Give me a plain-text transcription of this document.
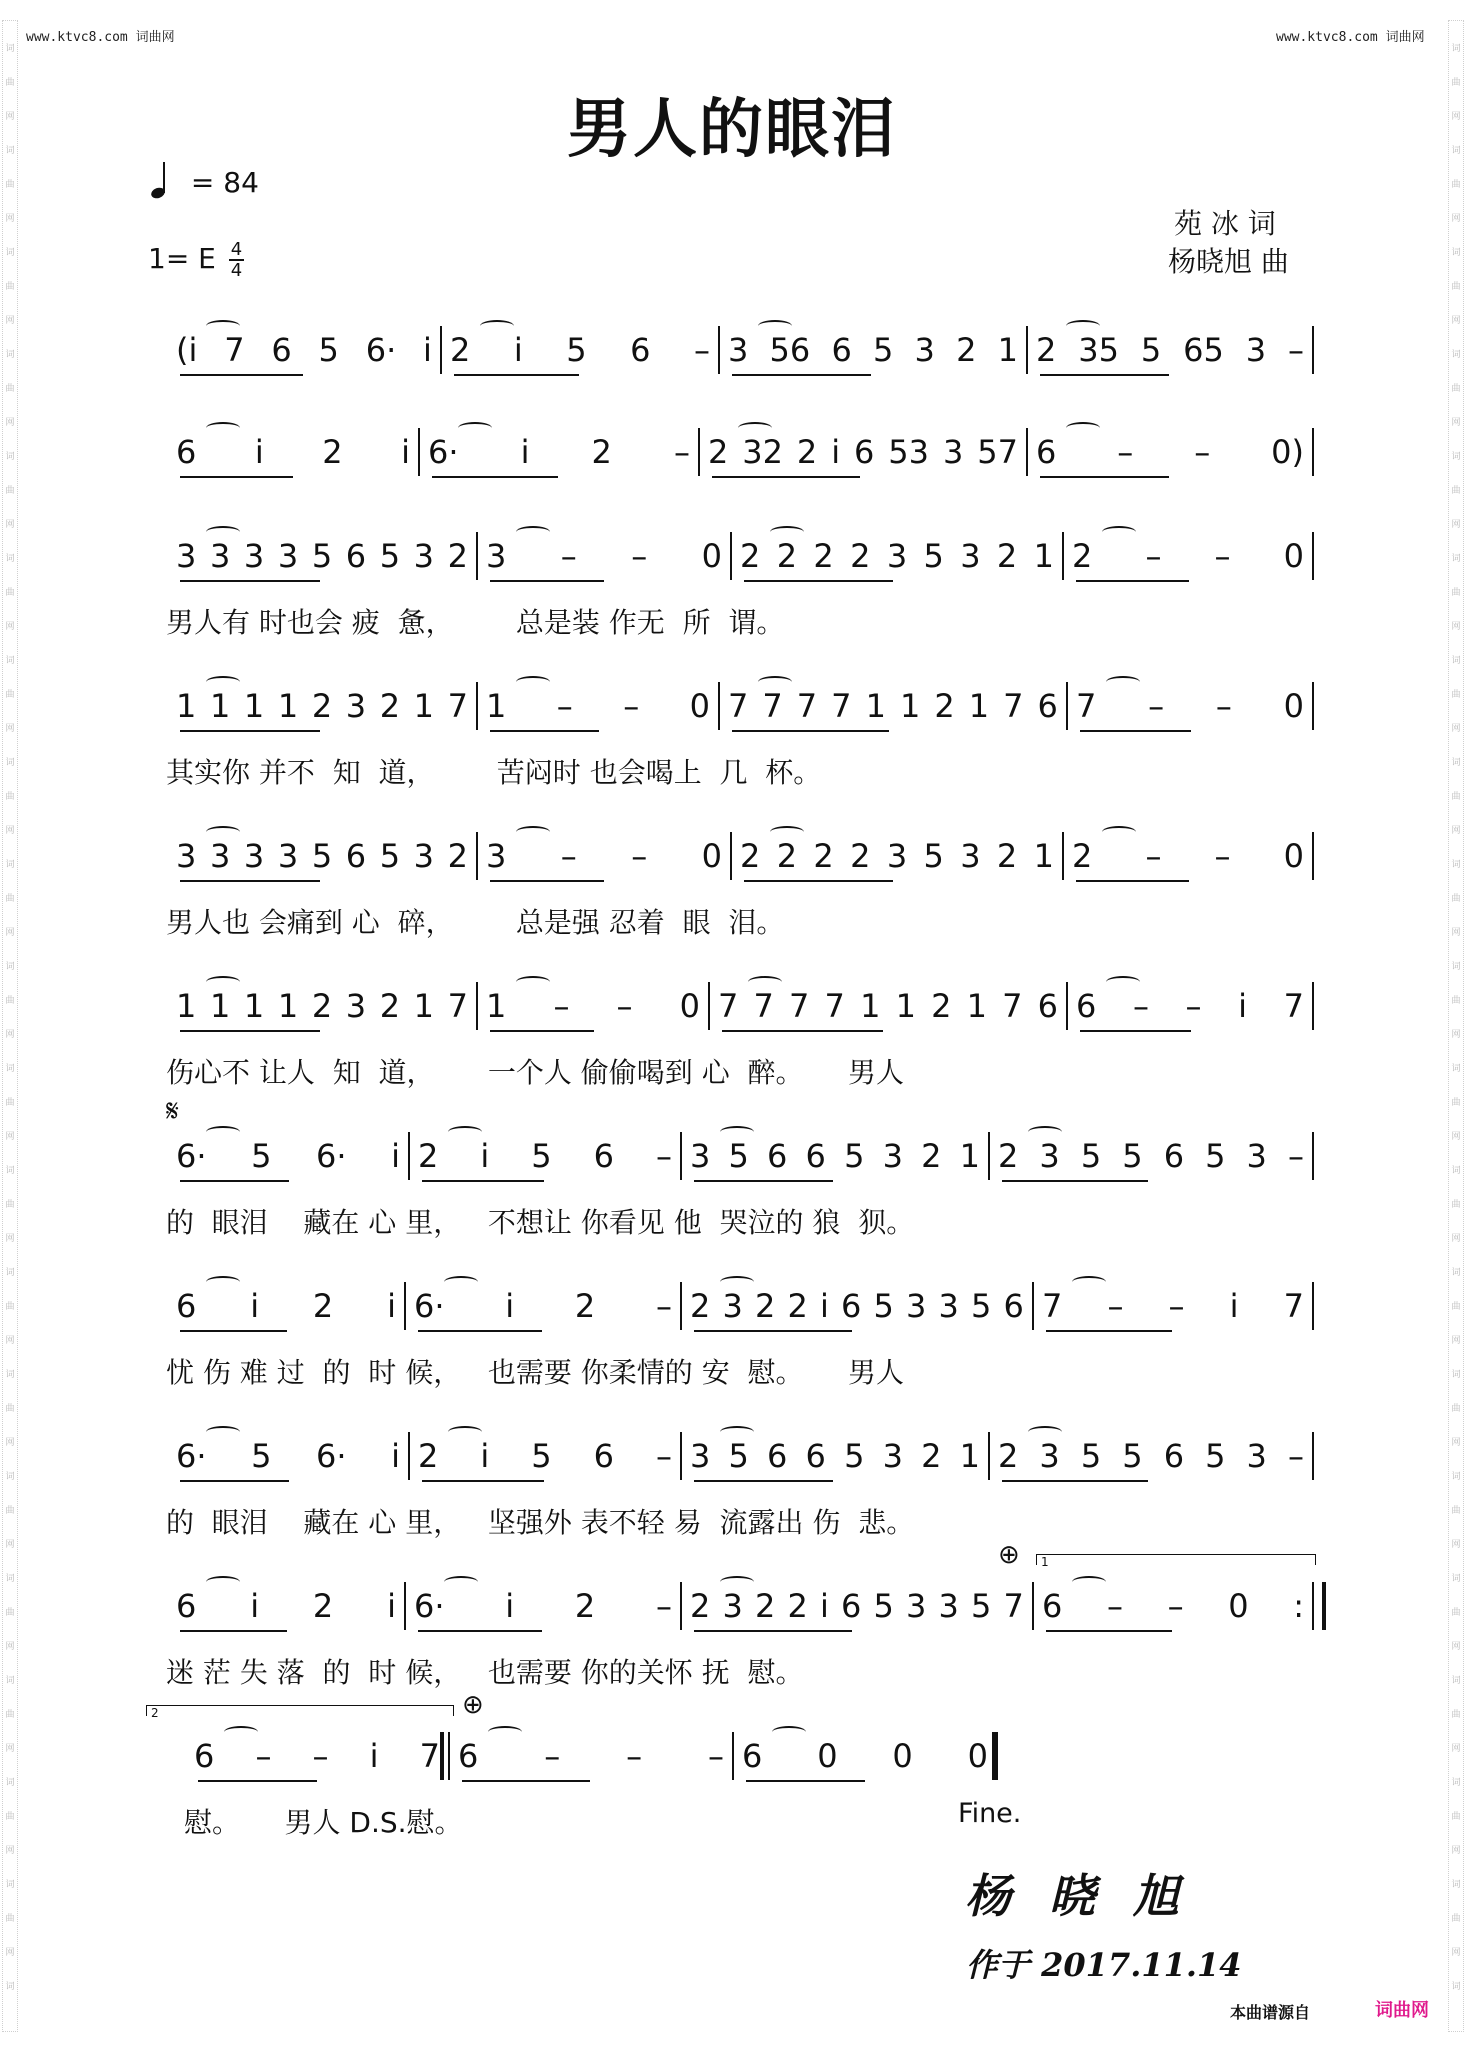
词
曲
网
词
曲
网
词
曲
网
词
曲
网
词
曲
网
词
曲
网
词
曲
网
词
曲
网
词
曲
网
词
曲
网
词
曲
网
词
曲
网
词
曲
网
词
曲
网
词
曲
网
词
曲
网
词
曲
网
词
曲
网
词
曲
网
词
词
曲
网
词
曲
网
词
曲
网
词
曲
网
词
曲
网
词
曲
网
词
曲
网
词
曲
网
词
曲
网
词
曲
网
词
曲
网
词
曲
网
词
曲
网
词
曲
网
词
曲
网
词
曲
网
词
曲
网
词
曲
网
词
曲
网
词
www.ktvc8.com 词曲网	www.ktvc8.com 词曲网
男人的眼泪
= 84
1= E $\frac{4}{4}$
苑 冰 词
杨晓旭 曲
(i 7 6 5 6· i 2 i 5 6 – 3 56 6 5 3 2 1 2 35 5 65 3 –
6 i 2 i 6· i 2 – 2 32 2 i 6 53 3 57 6 – – 0)
3 3 3 3 5 6 5 3 2 3 – – 0 2 2 2 2 3 5 3 2 1 2 – – 0
男人有 时也会 疲  惫，       总是装 作无  所  谓。
1 1 1 1 2 3 2 1 7 1 – – 0 7 7 7 7 1 1 2 1 7 6 7 – – 0
其实你 并不  知  道，       苦闷时 也会喝上  几  杯。
3 3 3 3 5 6 5 3 2 3 – – 0 2 2 2 2 3 5 3 2 1 2 – – 0
男人也 会痛到 心  碎，       总是强 忍着  眼  泪。
1 1 1 1 2 3 2 1 7 1 – – 0 7 7 7 7 1 1 2 1 7 6 6 – – i 7
伤心不 让人  知  道，      一个人 偷偷喝到 心  醉。     男人
6· 5 6· i 2 i 5 6 – 3 5 6 6 5 3 2 1 2 3 5 5 6 5 3 –
的  眼泪    藏在 心 里，   不想让 你看见 他  哭泣的 狼  狈。
6 i 2 i 6· i 2 – 2 3 2 2 i 6 5 3 3 5 6 7 – – i 7
忧 伤 难 过  的  时 候，   也需要 你柔情的 安  慰。     男人
6· 5 6· i 2 i 5 6 – 3 5 6 6 5 3 2 1 2 3 5 5 6 5 3 –
的  眼泪    藏在 心 里，   坚强外 表不轻 易  流露出 伤  悲。
6 i 2 i 6· i 2 – 2 3 2 2 i 6 5 3 3 5 7 6 – – 0 :
迷 茫 失 落  的  时 候，   也需要 你的关怀 抚  慰。
6 – – i 7 6 – – – 6 0 0 0
慰。     男人 D.S.慰。
𝄋
⊕
⊕
1
2
Fine.
杨晓旭
作于 2017.11.14
本曲谱源自	词曲网
